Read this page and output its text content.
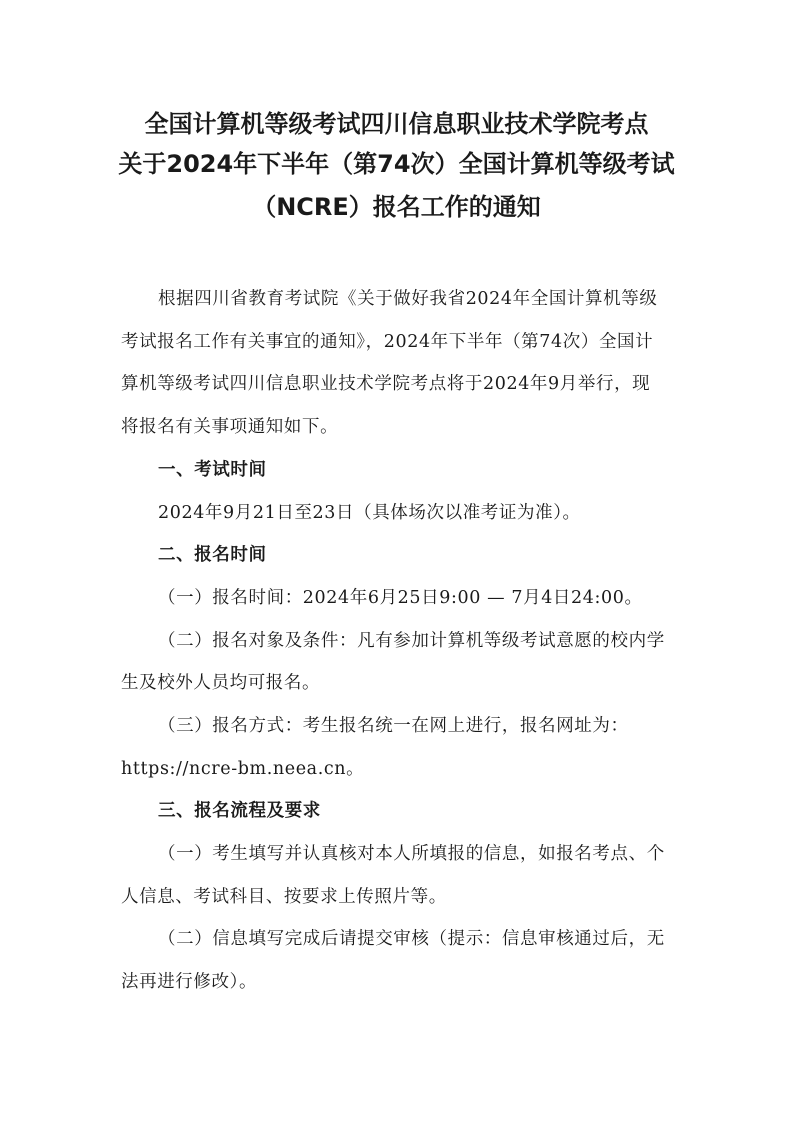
全国计算机等级考试四川信息职业技术学院考点
关于2024年下半年（第74次）全国计算机等级考试
（NCRE）报名工作的通知
根据四川省教育考试院《关于做好我省2024年全国计算机等级
考试报名工作有关事宜的通知》，2024年下半年（第74次）全国计
算机等级考试四川信息职业技术学院考点将于2024年9月举行，现
将报名有关事项通知如下。
一、考试时间
2024年9月21日至23日（具体场次以准考证为准）。
二、报名时间
（一）报名时间：2024年6月25日9:00 — 7月4日24:00。
（二）报名对象及条件：凡有参加计算机等级考试意愿的校内学
生及校外人员均可报名。
（三）报名方式：考生报名统一在网上进行，报名网址为：
https://ncre-bm.neea.cn。
三、报名流程及要求
（一）考生填写并认真核对本人所填报的信息，如报名考点、个
人信息、考试科目、按要求上传照片等。
（二）信息填写完成后请提交审核（提示：信息审核通过后，无
法再进行修改）。
